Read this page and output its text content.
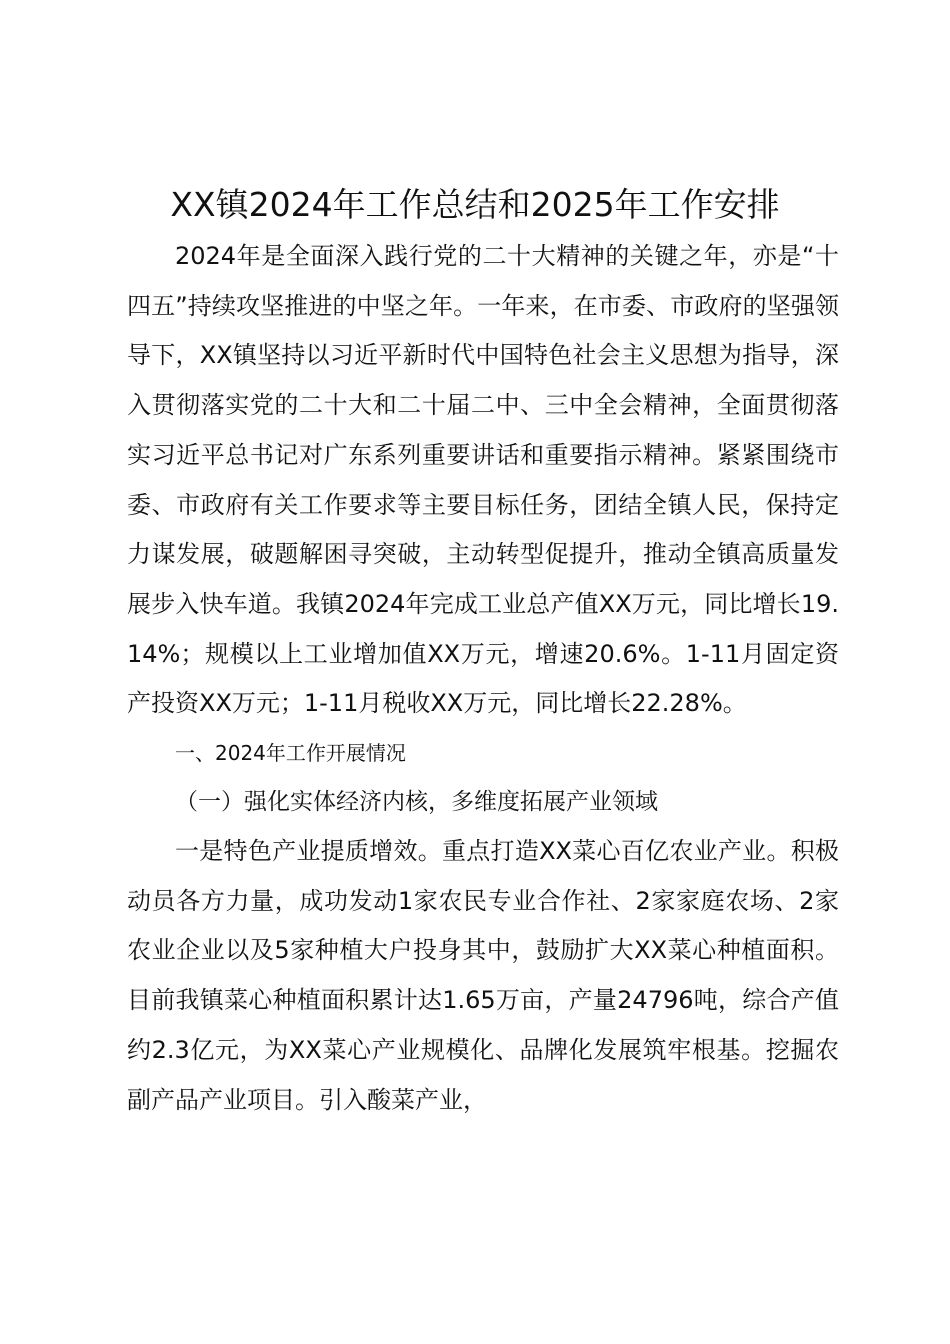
XX镇2024年工作总结和2025年工作安排

2024年是全面深入践行党的二十大精神的关键之年，亦是“十四五”持续攻坚推进的中坚之年。一年来，在市委、市政府的坚强领导下，XX镇坚持以习近平新时代中国特色社会主义思想为指导，深入贯彻落实党的二十大和二十届二中、三中全会精神，全面贯彻落实习近平总书记对广东系列重要讲话和重要指示精神。紧紧围绕市委、市政府有关工作要求等主要目标任务，团结全镇人民，保持定力谋发展，破题解困寻突破，主动转型促提升，推动全镇高质量发展步入快车道。我镇2024年完成工业总产值XX万元，同比增长19.14%；规模以上工业增加值XX万元，增速20.6%。1-11月固定资产投资XX万元；1-11月税收XX万元，同比增长22.28%。

一、2024年工作开展情况

（一）强化实体经济内核，多维度拓展产业领域

一是特色产业提质增效。重点打造XX菜心百亿农业产业。积极动员各方力量，成功发动1家农民专业合作社、2家家庭农场、2家农业企业以及5家种植大户投身其中，鼓励扩大XX菜心种植面积。目前我镇菜心种植面积累计达1.65万亩，产量24796吨，综合产值约2.3亿元，为XX菜心产业规模化、品牌化发展筑牢根基。挖掘农副产品产业项目。引入酸菜产业，
